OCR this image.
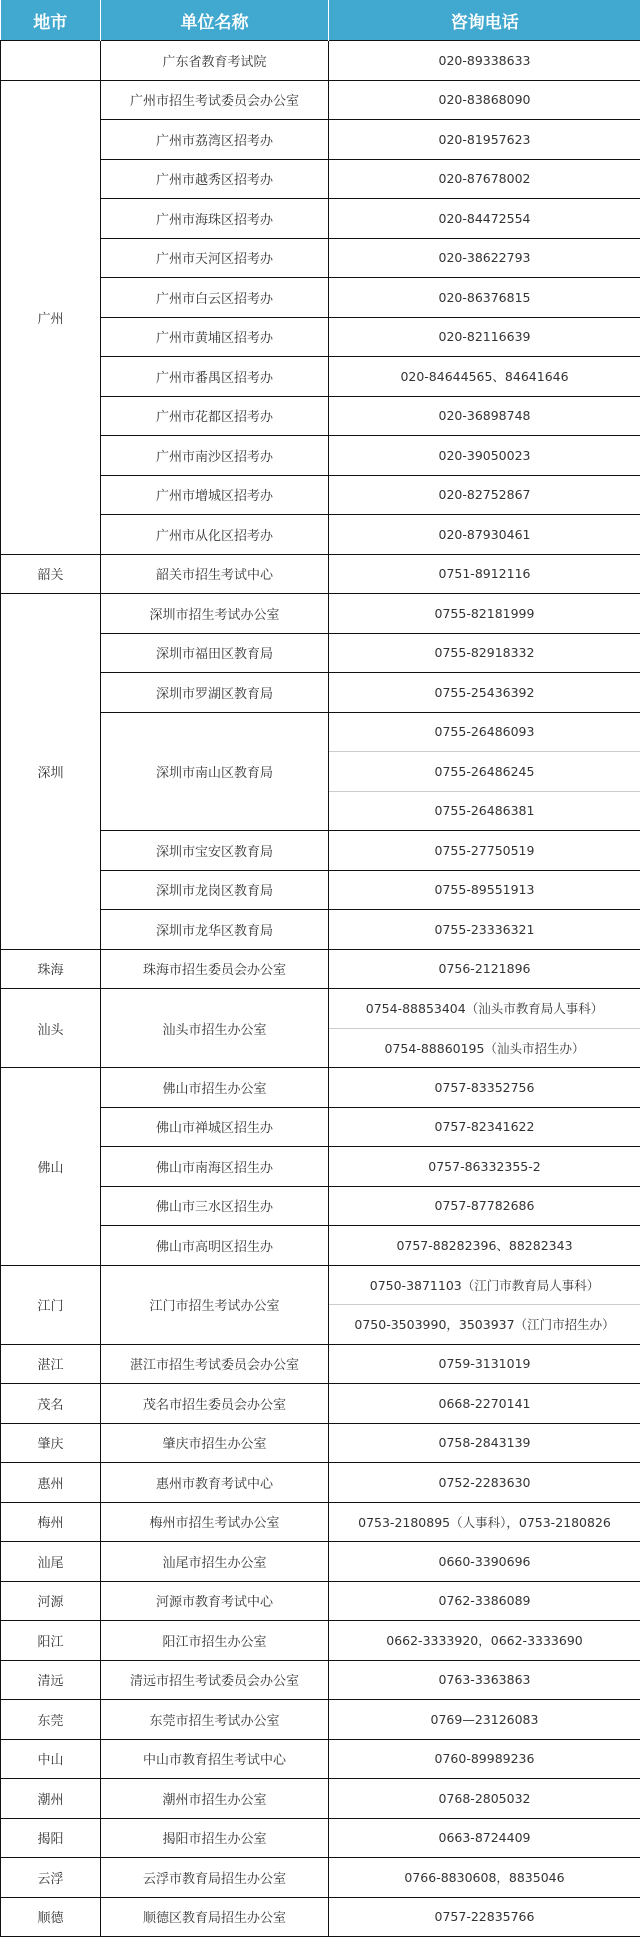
地市	单位名称	咨询电话
	广东省教育考试院	020-89338633
广州	广州市招生考试委员会办公室	020-83868090
	广州市荔湾区招考办	020-81957623
	广州市越秀区招考办	020-87678002
	广州市海珠区招考办	020-84472554
	广州市天河区招考办	020-38622793
	广州市白云区招考办	020-86376815
	广州市黄埔区招考办	020-82116639
	广州市番禺区招考办	020-84644565、84641646
	广州市花都区招考办	020-36898748
	广州市南沙区招考办	020-39050023
	广州市增城区招考办	020-82752867
	广州市从化区招考办	020-87930461
韶关	韶关市招生考试中心	0751-8912116
深圳	深圳市招生考试办公室	0755-82181999
	深圳市福田区教育局	0755-82918332
	深圳市罗湖区教育局	0755-25436392
	深圳市南山区教育局	0755-26486093
		0755-26486245
		0755-26486381
	深圳市宝安区教育局	0755-27750519
	深圳市龙岗区教育局	0755-89551913
	深圳市龙华区教育局	0755-23336321
珠海	珠海市招生委员会办公室	0756-2121896
汕头	汕头市招生办公室	0754-88853404（汕头市教育局人事科）
		0754-88860195（汕头市招生办）
佛山	佛山市招生办公室	0757-83352756
	佛山市禅城区招生办	0757-82341622
	佛山市南海区招生办	0757-86332355-2
	佛山市三水区招生办	0757-87782686
	佛山市高明区招生办	0757-88282396、88282343
江门	江门市招生考试办公室	0750-3871103（江门市教育局人事科）
		0750-3503990，3503937（江门市招生办）
湛江	湛江市招生考试委员会办公室	0759-3131019
茂名	茂名市招生委员会办公室	0668-2270141
肇庆	肇庆市招生办公室	0758-2843139
惠州	惠州市教育考试中心	0752-2283630
梅州	梅州市招生考试办公室	0753-2180895（人事科），0753-2180826
汕尾	汕尾市招生办公室	0660-3390696
河源	河源市教育考试中心	0762-3386089
阳江	阳江市招生办公室	0662-3333920，0662-3333690
清远	清远市招生考试委员会办公室	0763-3363863
东莞	东莞市招生考试办公室	0769—23126083
中山	中山市教育招生考试中心	0760-89989236
潮州	潮州市招生办公室	0768-2805032
揭阳	揭阳市招生办公室	0663-8724409
云浮	云浮市教育局招生办公室	0766-8830608，8835046
顺德	顺德区教育局招生办公室	0757-22835766
